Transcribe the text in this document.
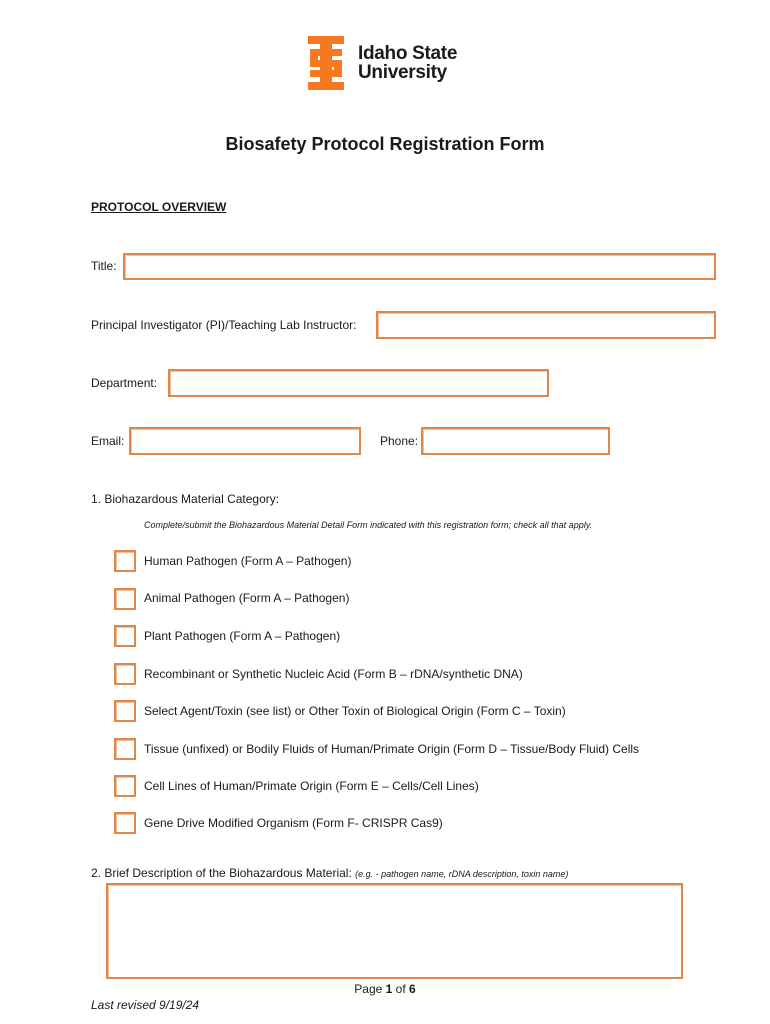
Idaho State
University
Biosafety Protocol Registration Form
PROTOCOL OVERVIEW
Title:
Principal Investigator (PI)/Teaching Lab Instructor:
Department:
Email:	Phone:
1. Biohazardous Material Category:
Complete/submit the Biohazardous Material Detail Form indicated with this registration form; check all that apply.
Human Pathogen (Form A – Pathogen)
Animal Pathogen (Form A – Pathogen)
Plant Pathogen (Form A – Pathogen)
Recombinant or Synthetic Nucleic Acid (Form B – rDNA/synthetic DNA)
Select Agent/Toxin (see list) or Other Toxin of Biological Origin (Form C – Toxin)
Tissue (unfixed) or Bodily Fluids of Human/Primate Origin (Form D – Tissue/Body Fluid) Cells
Cell Lines of Human/Primate Origin (Form E – Cells/Cell Lines)
Gene Drive Modified Organism (Form F- CRISPR Cas9)
2. Brief Description of the Biohazardous Material: (e.g. - pathogen name, rDNA description, toxin name)
Page 1 of 6
Last revised 9/19/24
